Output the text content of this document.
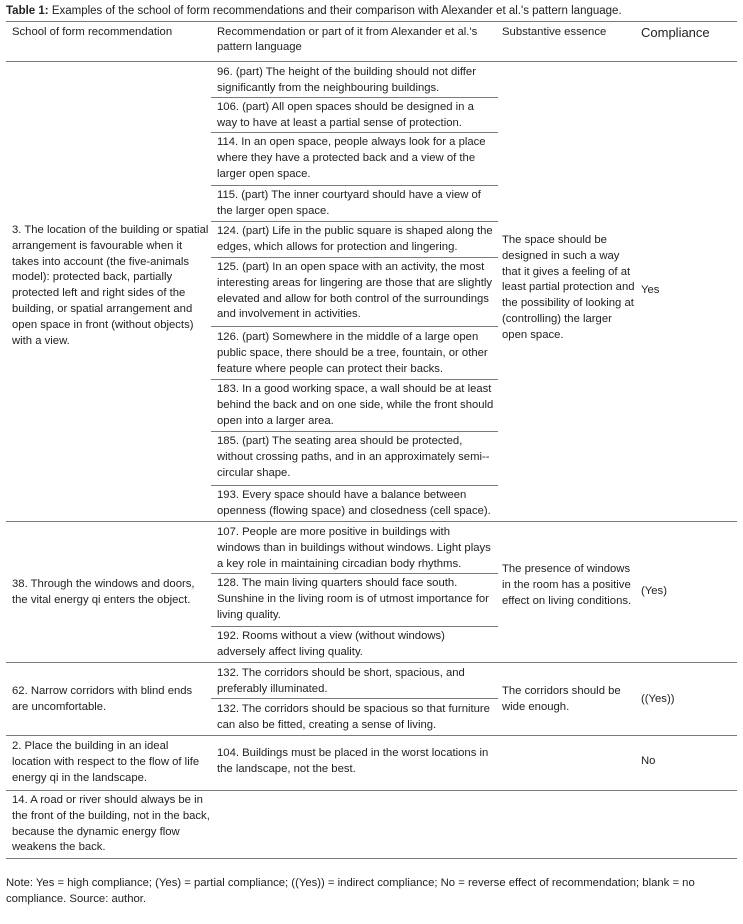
Table 1: Examples of the school of form recommendations and their comparison with Alexander et al.'s pattern language.
School of form recommendation	Recommendation or part of it from Alexander et al.'s pattern language
Substantive essence	Compliance
3. The location of the building or spatial arrangement is favourable when it takes into account (the five-animals model): protected back, partially protected left and right sides of the building, or spatial arrangement and open space in front (without objects) with a view.
96. (part) The height of the building should not differ significantly from the neighbouring buildings.
106. (part) All open spaces should be designed in a way to have at least a partial sense of protection.
114. In an open space, people always look for a place where they have a protected back and a view of the larger open space.
115. (part) The inner courtyard should have a view of the larger open space.
124. (part) Life in the public square is shaped along the edges, which allows for protection and lingering.
125. (part) In an open space with an activity, the most interesting areas for lingering are those that are slightly elevated and allow for both control of the surroundings and involvement in activities.
126. (part) Somewhere in the middle of a large open public space, there should be a tree, fountain, or other feature where people can protect their backs.
183. In a good working space, a wall should be at least behind the back and on one side, while the front should open into a larger area.
185. (part) The seating area should be protected, without crossing paths, and in an approximately semi--circular shape.
193. Every space should have a balance between openness (flowing space) and closedness (cell space).
The space should be designed in such a way that it gives a feeling of at least partial protection and the possibility of looking at (controlling) the larger open space.
Yes
38. Through the windows and doors, the vital energy qi enters the object.
107. People are more positive in buildings with windows than in buildings without windows. Light plays a key role in maintaining circadian body rhythms.
128. The main living quarters should face south. Sunshine in the living room is of utmost importance for living quality.
192. Rooms without a view (without windows) adversely affect living quality.
The presence of windows in the room has a positive effect on living conditions.
(Yes)
62. Narrow corridors with blind ends are uncomfortable.
132. The corridors should be short, spacious, and preferably illuminated.
132. The corridors should be spacious so that furniture can also be fitted, creating a sense of living.
The corridors should be wide enough.
((Yes))
2. Place the building in an ideal location with respect to the flow of life energy qi in the landscape.
104. Buildings must be placed in the worst locations in the landscape, not the best.
No
14. A road or river should always be in the front of the building, not in the back, because the dynamic energy flow weakens the back.
Note: Yes = high compliance; (Yes) = partial compliance; ((Yes)) = indirect compliance; No = reverse effect of recommendation; blank = no compliance. Source: author.
